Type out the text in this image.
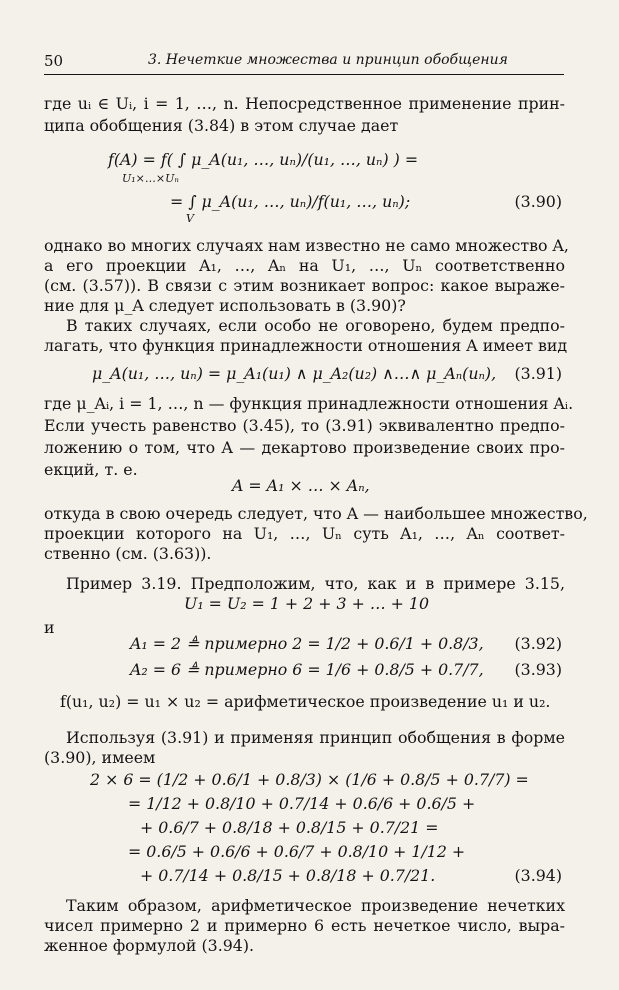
50	3. Нечеткие множества и принцип обобщения
где uᵢ ∈ Uᵢ, i = 1, …, n. Непосредственное применение прин-
ципа обобщения (3.84) в этом случае дает
f(A) = f( ∫ μ_A(u₁, …, uₙ)/(u₁, …, uₙ) ) =
U₁×…×Uₙ
= ∫ μ_A(u₁, …, uₙ)/f(u₁, …, uₙ);
V
(3.90)
однако во многих случаях нам известно не само множество A,
а его проекции A₁, …, Aₙ на U₁, …, Uₙ соответственно
(см. (3.57)). В связи с этим возникает вопрос: какое выраже-
ние для μ_A следует использовать в (3.90)?
В таких случаях, если особо не оговорено, будем предпо-
лагать, что функция принадлежности отношения A имеет вид
μ_A(u₁, …, uₙ) = μ_A₁(u₁) ∧ μ_A₂(u₂) ∧…∧ μ_Aₙ(uₙ),	(3.91)
где μ_Aᵢ, i = 1, …, n — функция принадлежности отношения Aᵢ.
Если учесть равенство (3.45), то (3.91) эквивалентно предпо-
ложению о том, что A — декартово произведение своих про-
екций, т. е.
A = A₁ × … × Aₙ,
откуда в свою очередь следует, что A — наибольшее множество,
проекции которого на U₁, …, Uₙ суть A₁, …, Aₙ соответ-
ственно (см. (3.63)).
Пример 3.19. Предположим, что, как и в примере 3.15,
U₁ = U₂ = 1 + 2 + 3 + … + 10
и
A₁ = 2 ≜ примерно 2 = 1/2 + 0.6/1 + 0.8/3,	(3.92)
A₂ = 6 ≜ примерно 6 = 1/6 + 0.8/5 + 0.7/7,	(3.93)
f(u₁, u₂) = u₁ × u₂ = арифметическое произведение u₁ и u₂.
Используя (3.91) и применяя принцип обобщения в форме
(3.90), имеем
2 × 6 = (1/2 + 0.6/1 + 0.8/3) × (1/6 + 0.8/5 + 0.7/7) =
= 1/12 + 0.8/10 + 0.7/14 + 0.6/6 + 0.6/5 +
+ 0.6/7 + 0.8/18 + 0.8/15 + 0.7/21 =
= 0.6/5 + 0.6/6 + 0.6/7 + 0.8/10 + 1/12 +
+ 0.7/14 + 0.8/15 + 0.8/18 + 0.7/21.	(3.94)
Таким образом, арифметическое произведение нечетких
чисел примерно 2 и примерно 6 есть нечеткое число, выра-
женное формулой (3.94).
